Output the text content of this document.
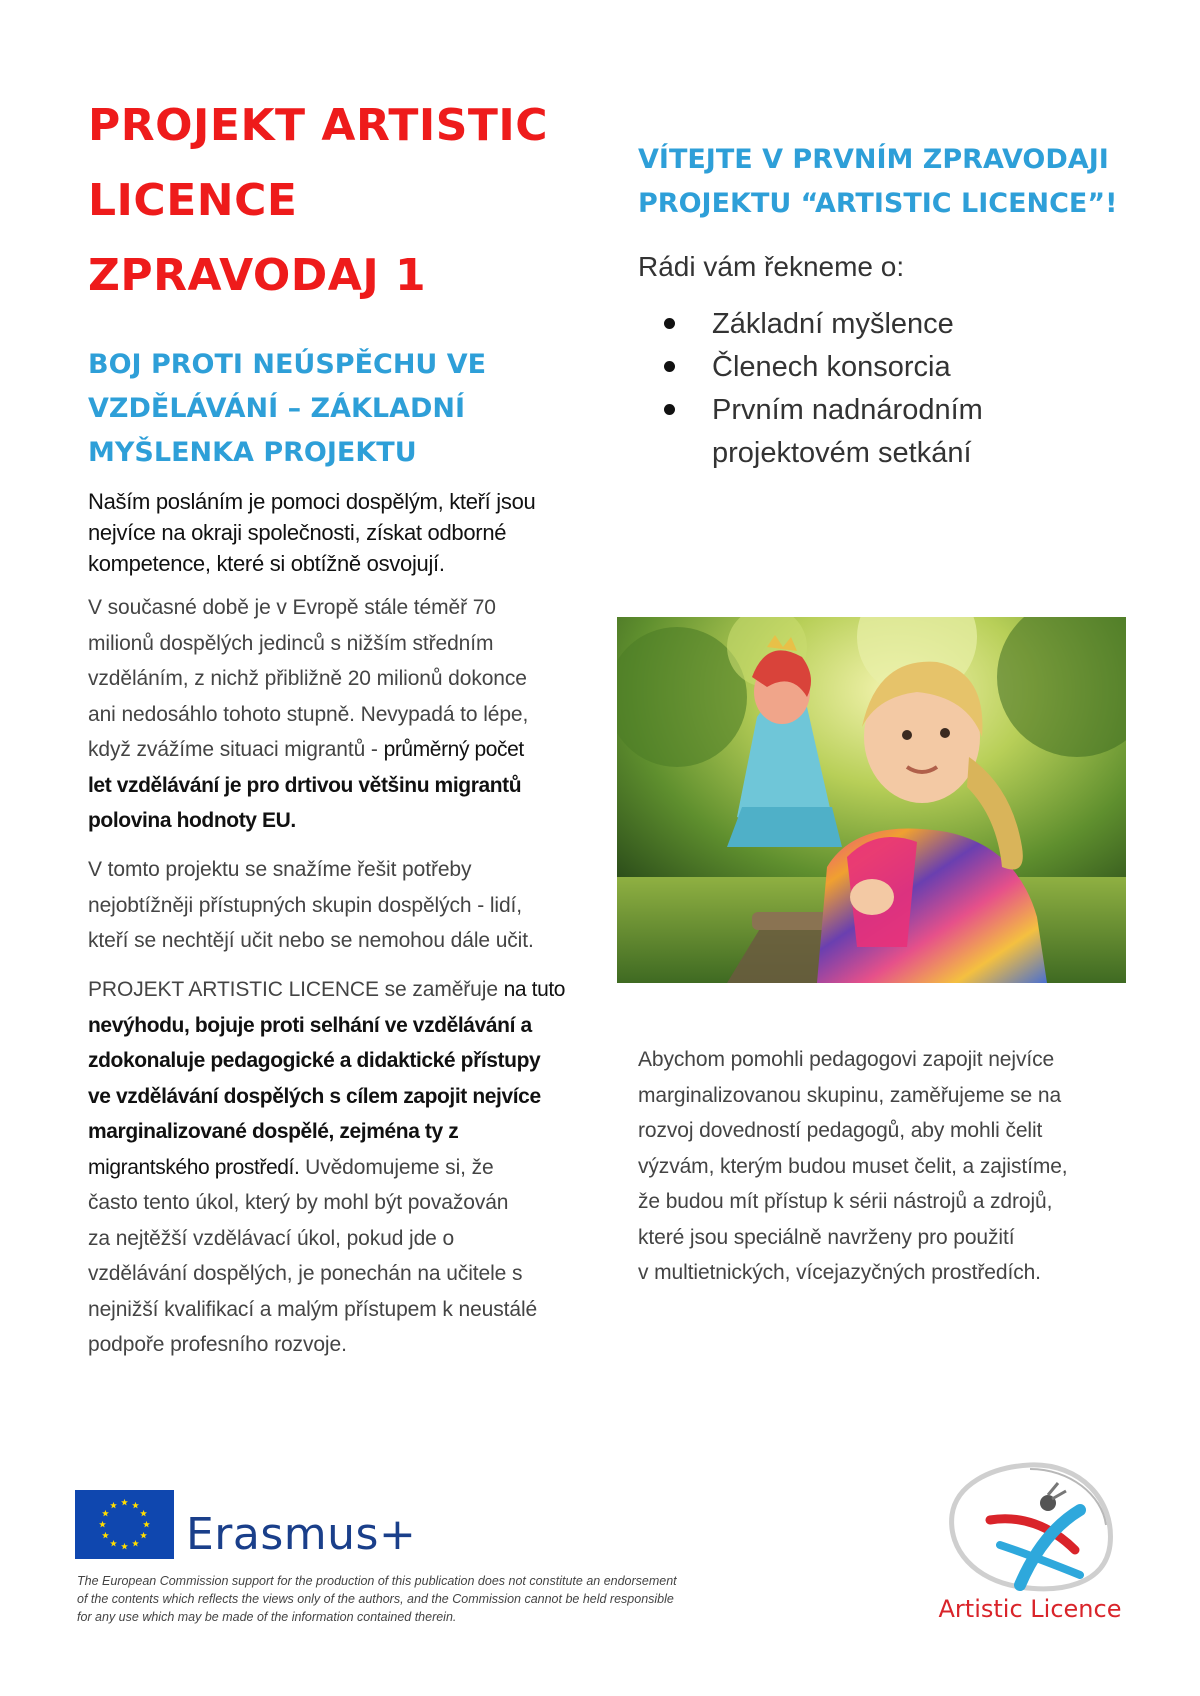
PROJEKT ARTISTIC
LICENCE
ZPRAVODAJ 1
BOJ PROTI NEÚSPĚCHU VE
VZDĚLÁVÁNÍ – ZÁKLADNÍ
MYŠLENKA PROJEKTU
Naším posláním je pomoci dospělým, kteří jsou
nejvíce na okraji společnosti, získat odborné
kompetence, které si obtížně osvojují.
V současné době je v Evropě stále téměř 70
milionů dospělých jedinců s nižším středním
vzděláním, z nichž přibližně 20 milionů dokonce
ani nedosáhlo tohoto stupně. Nevypadá to lépe,
když zvážíme situaci migrantů - průměrný počet
let vzdělávání je pro drtivou většinu migrantů
polovina hodnoty EU.
V tomto projektu se snažíme řešit potřeby
nejobtížněji přístupných skupin dospělých - lidí,
kteří se nechtějí učit nebo se nemohou dále učit.
PROJEKT ARTISTIC LICENCE se zaměřuje na tuto
nevýhodu, bojuje proti selhání ve vzdělávání a
zdokonaluje pedagogické a didaktické přístupy
ve vzdělávání dospělých s cílem zapojit nejvíce
marginalizované dospělé, zejména ty z
migrantského prostředí. Uvědomujeme si, že
často tento úkol, který by mohl být považován
za nejtěžší vzdělávací úkol, pokud jde o
vzdělávání dospělých, je ponechán na učitele s
nejnižší kvalifikací a malým přístupem k neustálé
podpoře profesního rozvoje.
VÍTEJTE V PRVNÍM ZPRAVODAJI
PROJEKTU “ARTISTIC LICENCE”!
Rádi vám řekneme o:
Základní myšlence
Členech konsorcia
Prvním nadnárodním
projektovém setkání
Abychom pomohli pedagogovi zapojit nejvíce
marginalizovanou skupinu, zaměřujeme se na
rozvoj dovedností pedagogů, aby mohli čelit
výzvám, kterým budou muset čelit, a zajistíme,
že budou mít přístup k sérii nástrojů a zdrojů,
které jsou speciálně navrženy pro použití
v multietnických, vícejazyčných prostředích.
Erasmus+
The European Commission support for the production of this publication does not constitute an endorsement
of the contents which reflects the views only of the authors, and the Commission cannot be held responsible
for any use which may be made of the information contained therein.	Artistic Licence
